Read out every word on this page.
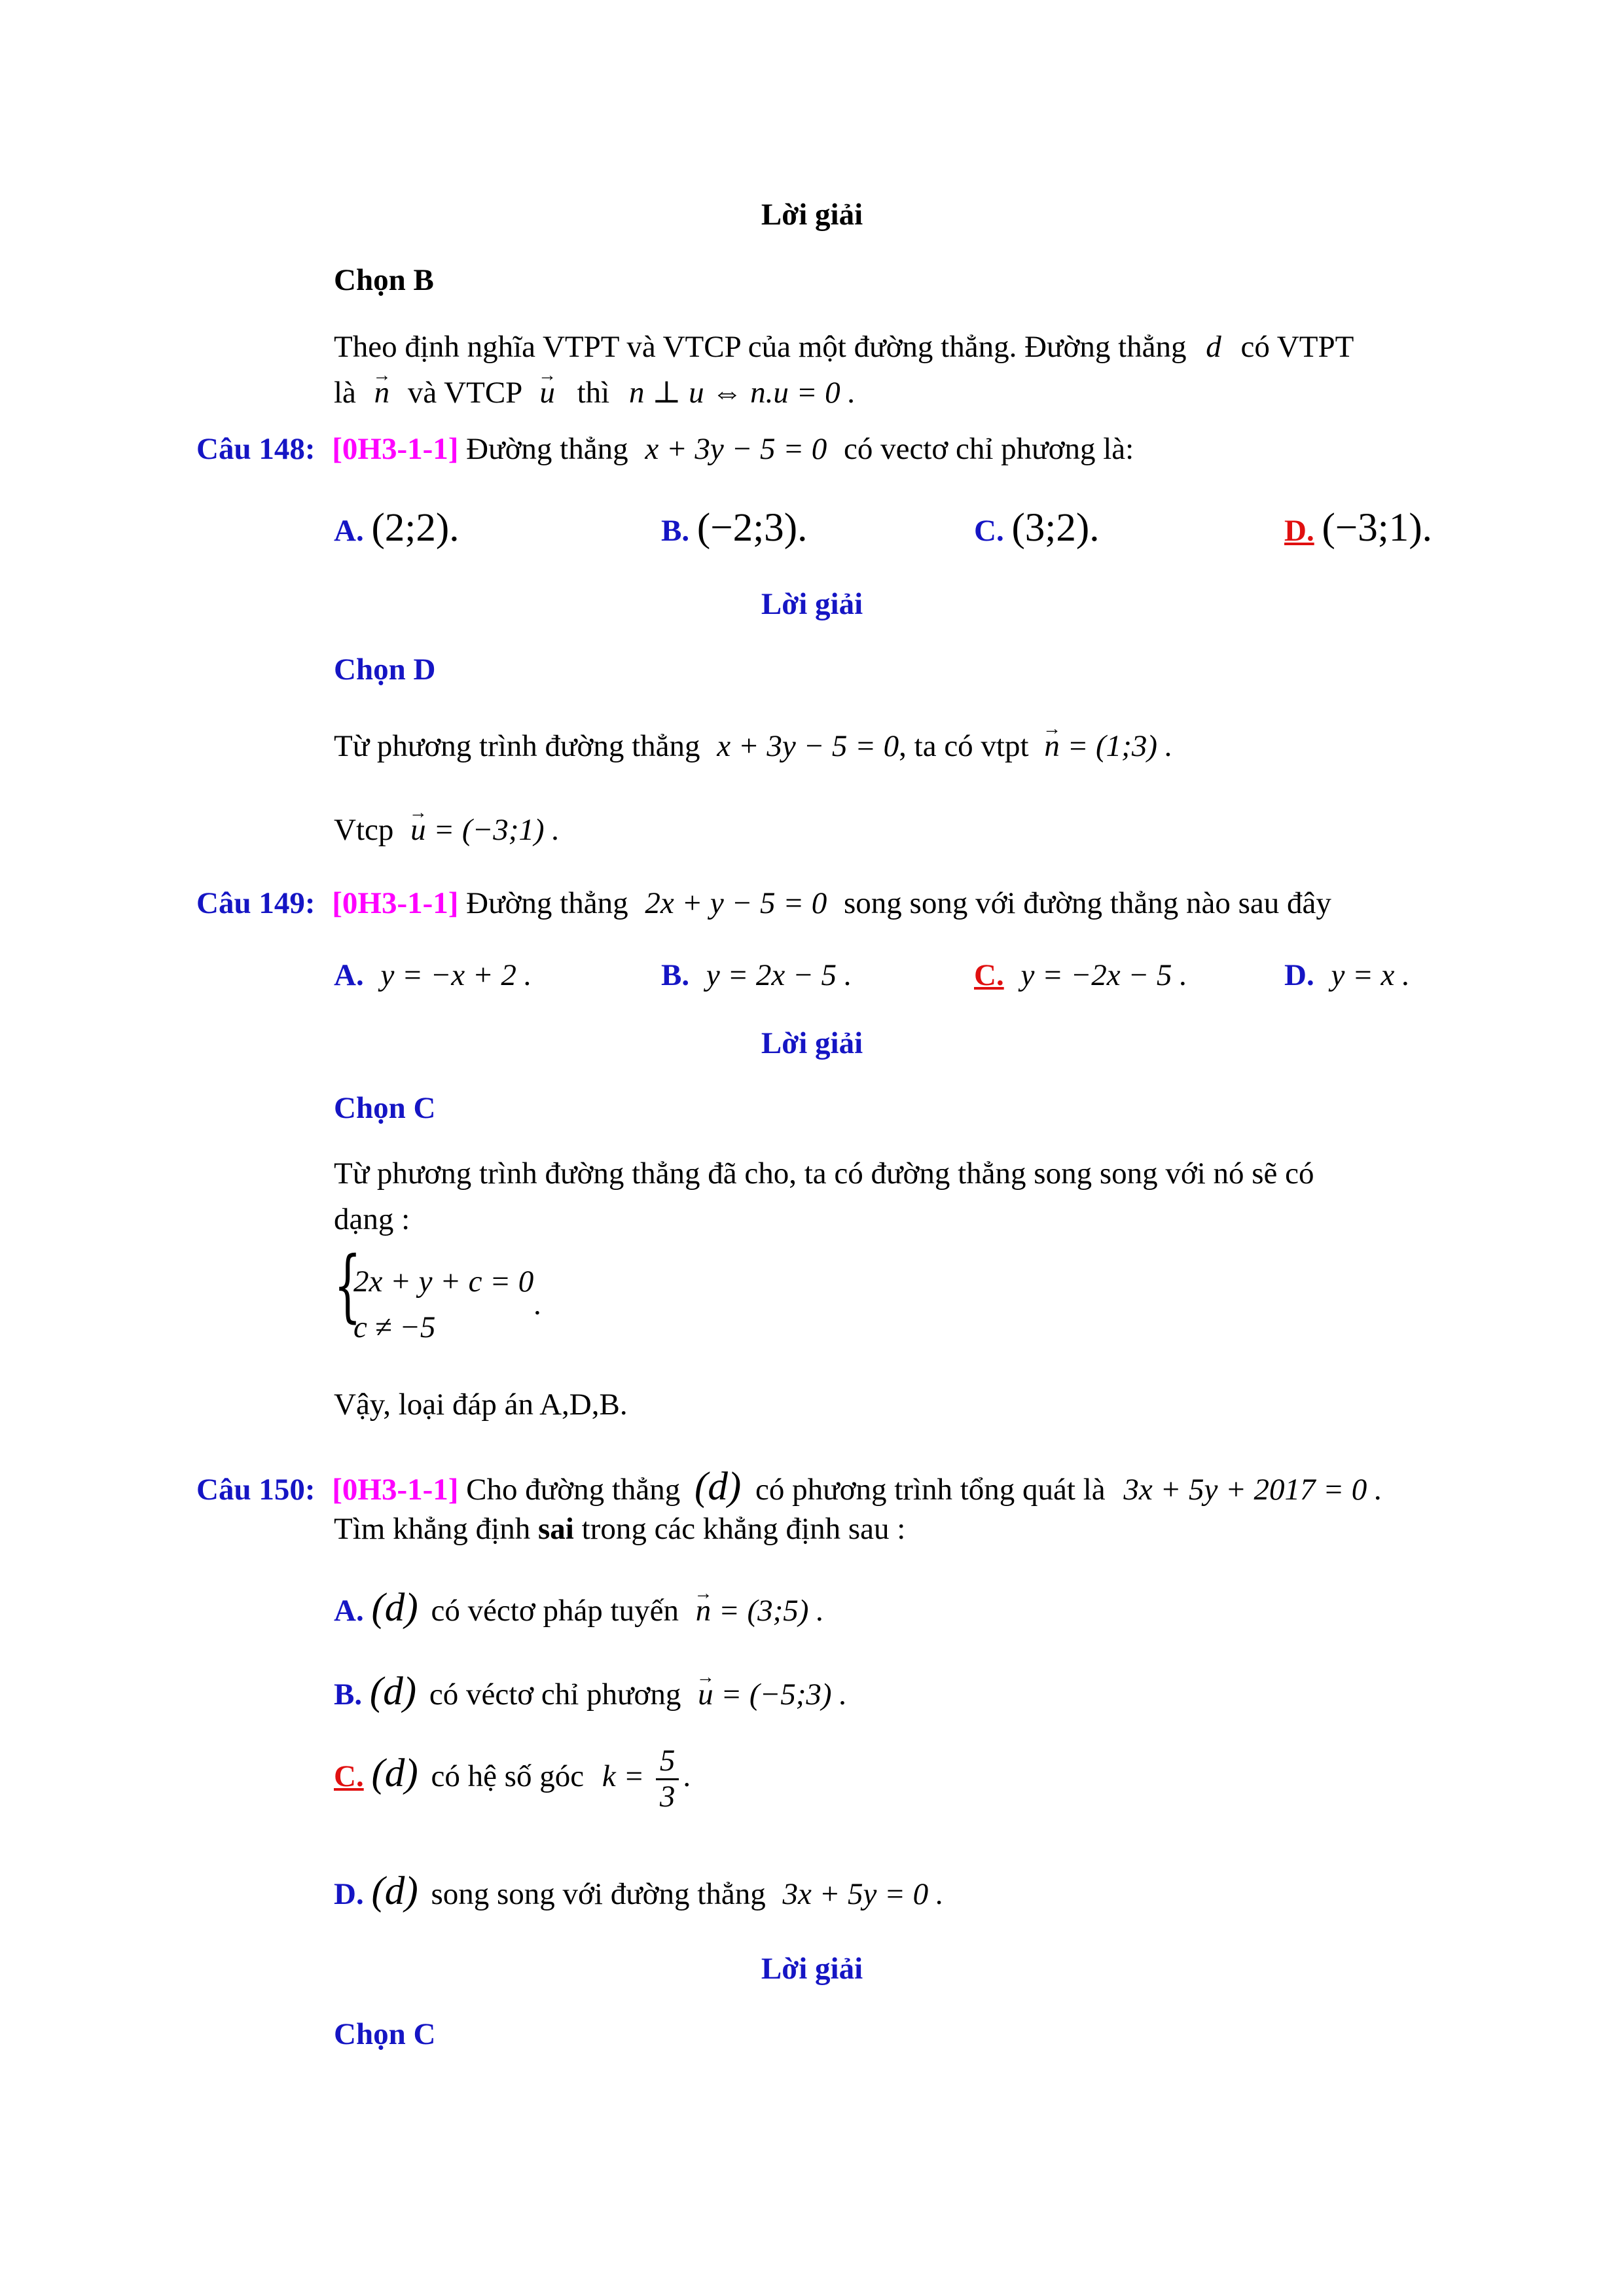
Lời giải
Chọn B
Theo định nghĩa VTPT và VTCP của một đường thẳng. Đường thẳng d có VTPT
là → n và VTCP → u thì n ⊥ u ⇔ n.u = 0 .
Câu 148: [0H3-1-1] Đường thẳng x + 3y − 5 = 0 có vectơ chỉ phương là:
A. (2;2).	B. (−2;3).	C. (3;2).	D. (−3;1).
Lời giải
Chọn D
Từ phương trình đường thẳng x + 3y − 5 = 0, ta có vtpt → n = (1;3) .
Vtcp → u = (−3;1) .
Câu 149: [0H3-1-1] Đường thẳng 2x + y − 5 = 0 song song với đường thẳng nào sau đây
A. y = −x + 2 .	B. y = 2x − 5 .	C. y = −2x − 5 .	D. y = x .
Lời giải
Chọn C
Từ phương trình đường thẳng đã cho, ta có đường thẳng song song với nó sẽ có
dạng :
{
2x + y + c = 0
c ≠ −5
.
Vậy, loại đáp án A,D,B.
Câu 150: [0H3-1-1] Cho đường thẳng (d) có phương trình tổng quát là 3x + 5y + 2017 = 0 .
Tìm khẳng định sai trong các khẳng định sau :
A. (d) có véctơ pháp tuyến → n = (3;5) .
B. (d) có véctơ chỉ phương → u = (−5;3) .
C. (d) có hệ số góc $k = \frac{5}{3}$ .
D. (d) song song với đường thẳng 3x + 5y = 0 .
Lời giải
Chọn C
